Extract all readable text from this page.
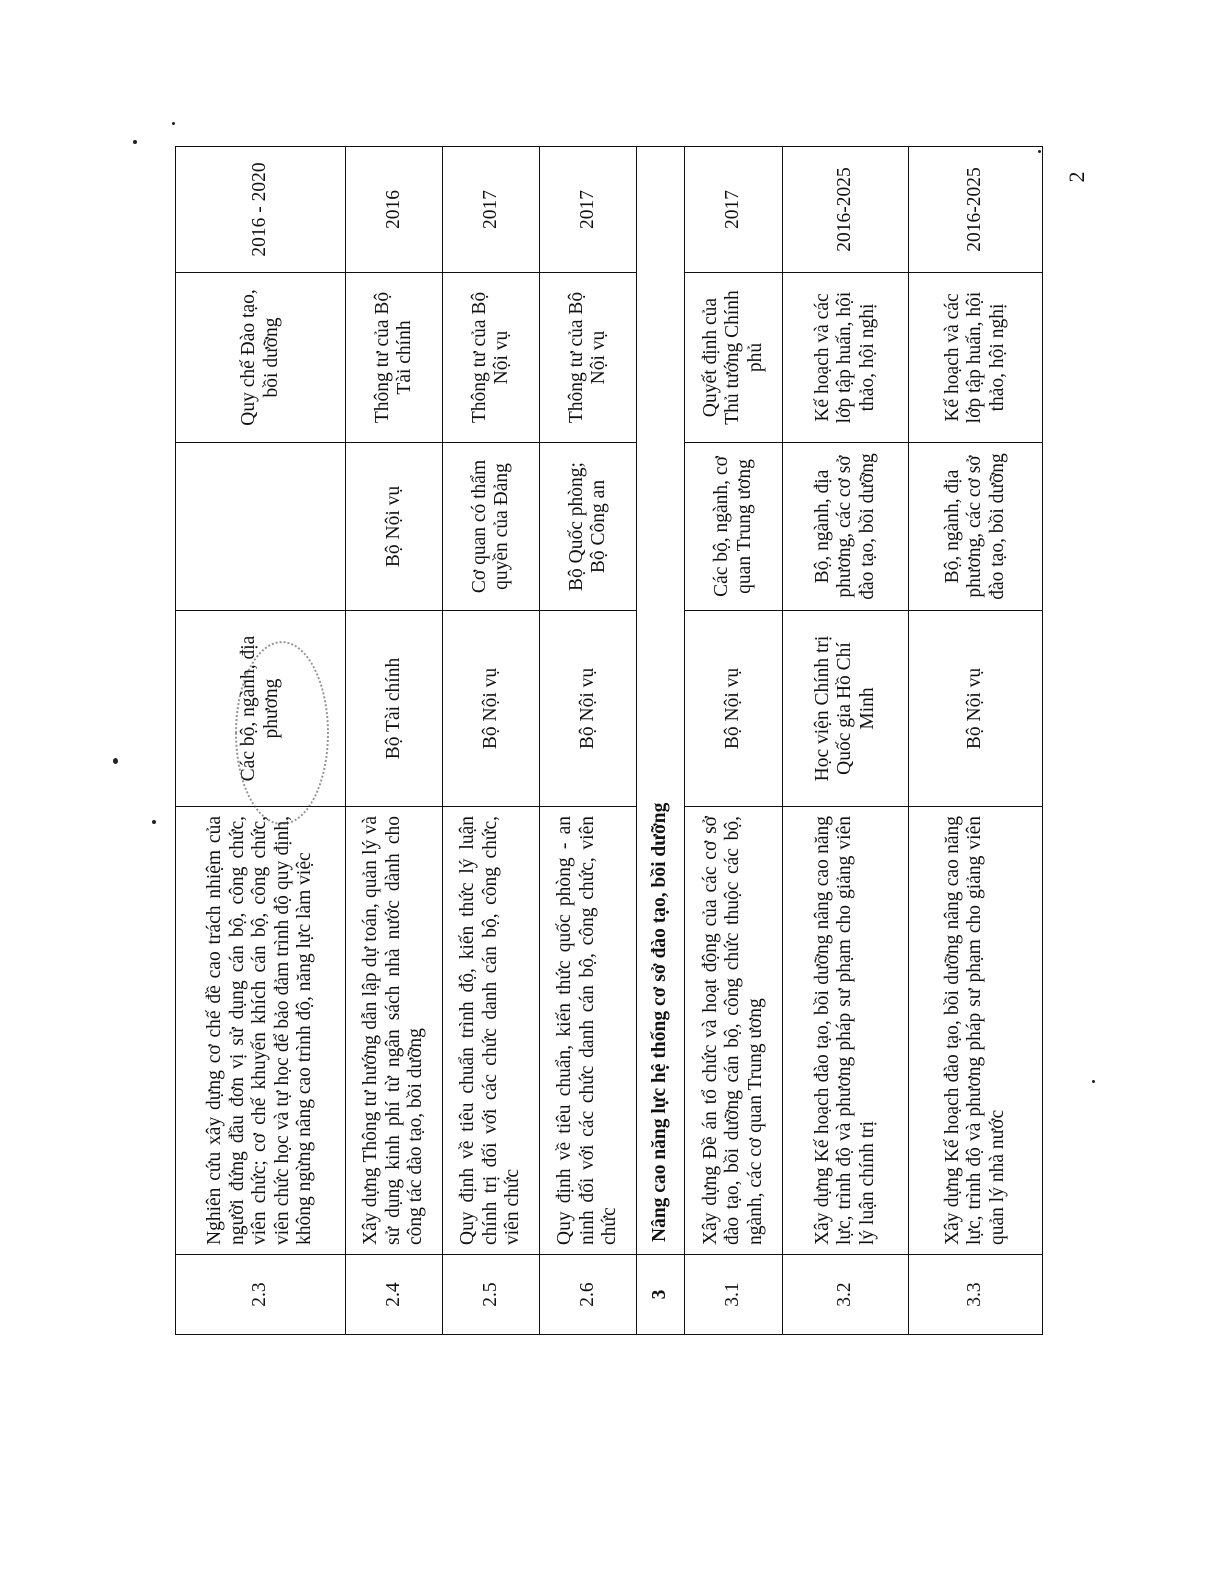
2
2.3	Nghiên cứu xây dựng cơ chế đề cao trách nhiệm của người đứng đầu đơn vị sử dụng cán bộ, công chức, viên chức; cơ chế khuyến khích cán bộ, công chức, viên chức học và tự học để bảo đảm trình độ quy định, không ngừng nâng cao trình độ, năng lực làm việc	Các bộ, ngành, địa phương		Quy chế Đào tạo, bồi dưỡng	2016 - 2020
2.4	Xây dựng Thông tư hướng dẫn lập dự toán, quản lý và sử dụng kinh phí từ ngân sách nhà nước dành cho công tác đào tạo, bồi dưỡng	Bộ Tài chính	Bộ Nội vụ	Thông tư của Bộ Tài chính	2016
2.5	Quy định về tiêu chuẩn trình độ, kiến thức lý luận chính trị đối với các chức danh cán bộ, công chức, viên chức	Bộ Nội vụ	Cơ quan có thẩm quyền của Đảng	Thông tư của Bộ Nội vụ	2017
2.6	Quy định về tiêu chuẩn, kiến thức quốc phòng - an ninh đối với các chức danh cán bộ, công chức, viên chức	Bộ Nội vụ	Bộ Quốc phòng; Bộ Công an	Thông tư của Bộ Nội vụ	2017
3	Nâng cao năng lực hệ thống cơ sở đào tạo, bồi dưỡng				
3.1	Xây dựng Đề án tổ chức và hoạt động của các cơ sở đào tạo, bồi dưỡng cán bộ, công chức thuộc các bộ, ngành, các cơ quan Trung ương	Bộ Nội vụ	Các bộ, ngành, cơ quan Trung ương	Quyết định của Thủ tướng Chính phủ	2017
3.2	Xây dựng Kế hoạch đào tạo, bồi dưỡng nâng cao năng lực, trình độ và phương pháp sư phạm cho giảng viên lý luận chính trị	Học viện Chính trị Quốc gia Hồ Chí Minh	Bộ, ngành, địa phương, các cơ sở đào tạo, bồi dưỡng	Kế hoạch và các lớp tập huấn, hội thảo, hội nghị	2016-2025
3.3	Xây dựng Kế hoạch đào tạo, bồi dưỡng nâng cao năng lực, trình độ và phương pháp sư phạm cho giảng viên quản lý nhà nước	Bộ Nội vụ	Bộ, ngành, địa phương, các cơ sở đào tạo, bồi dưỡng	Kế hoạch và các lớp tập huấn, hội thảo, hội nghị	2016-2025
